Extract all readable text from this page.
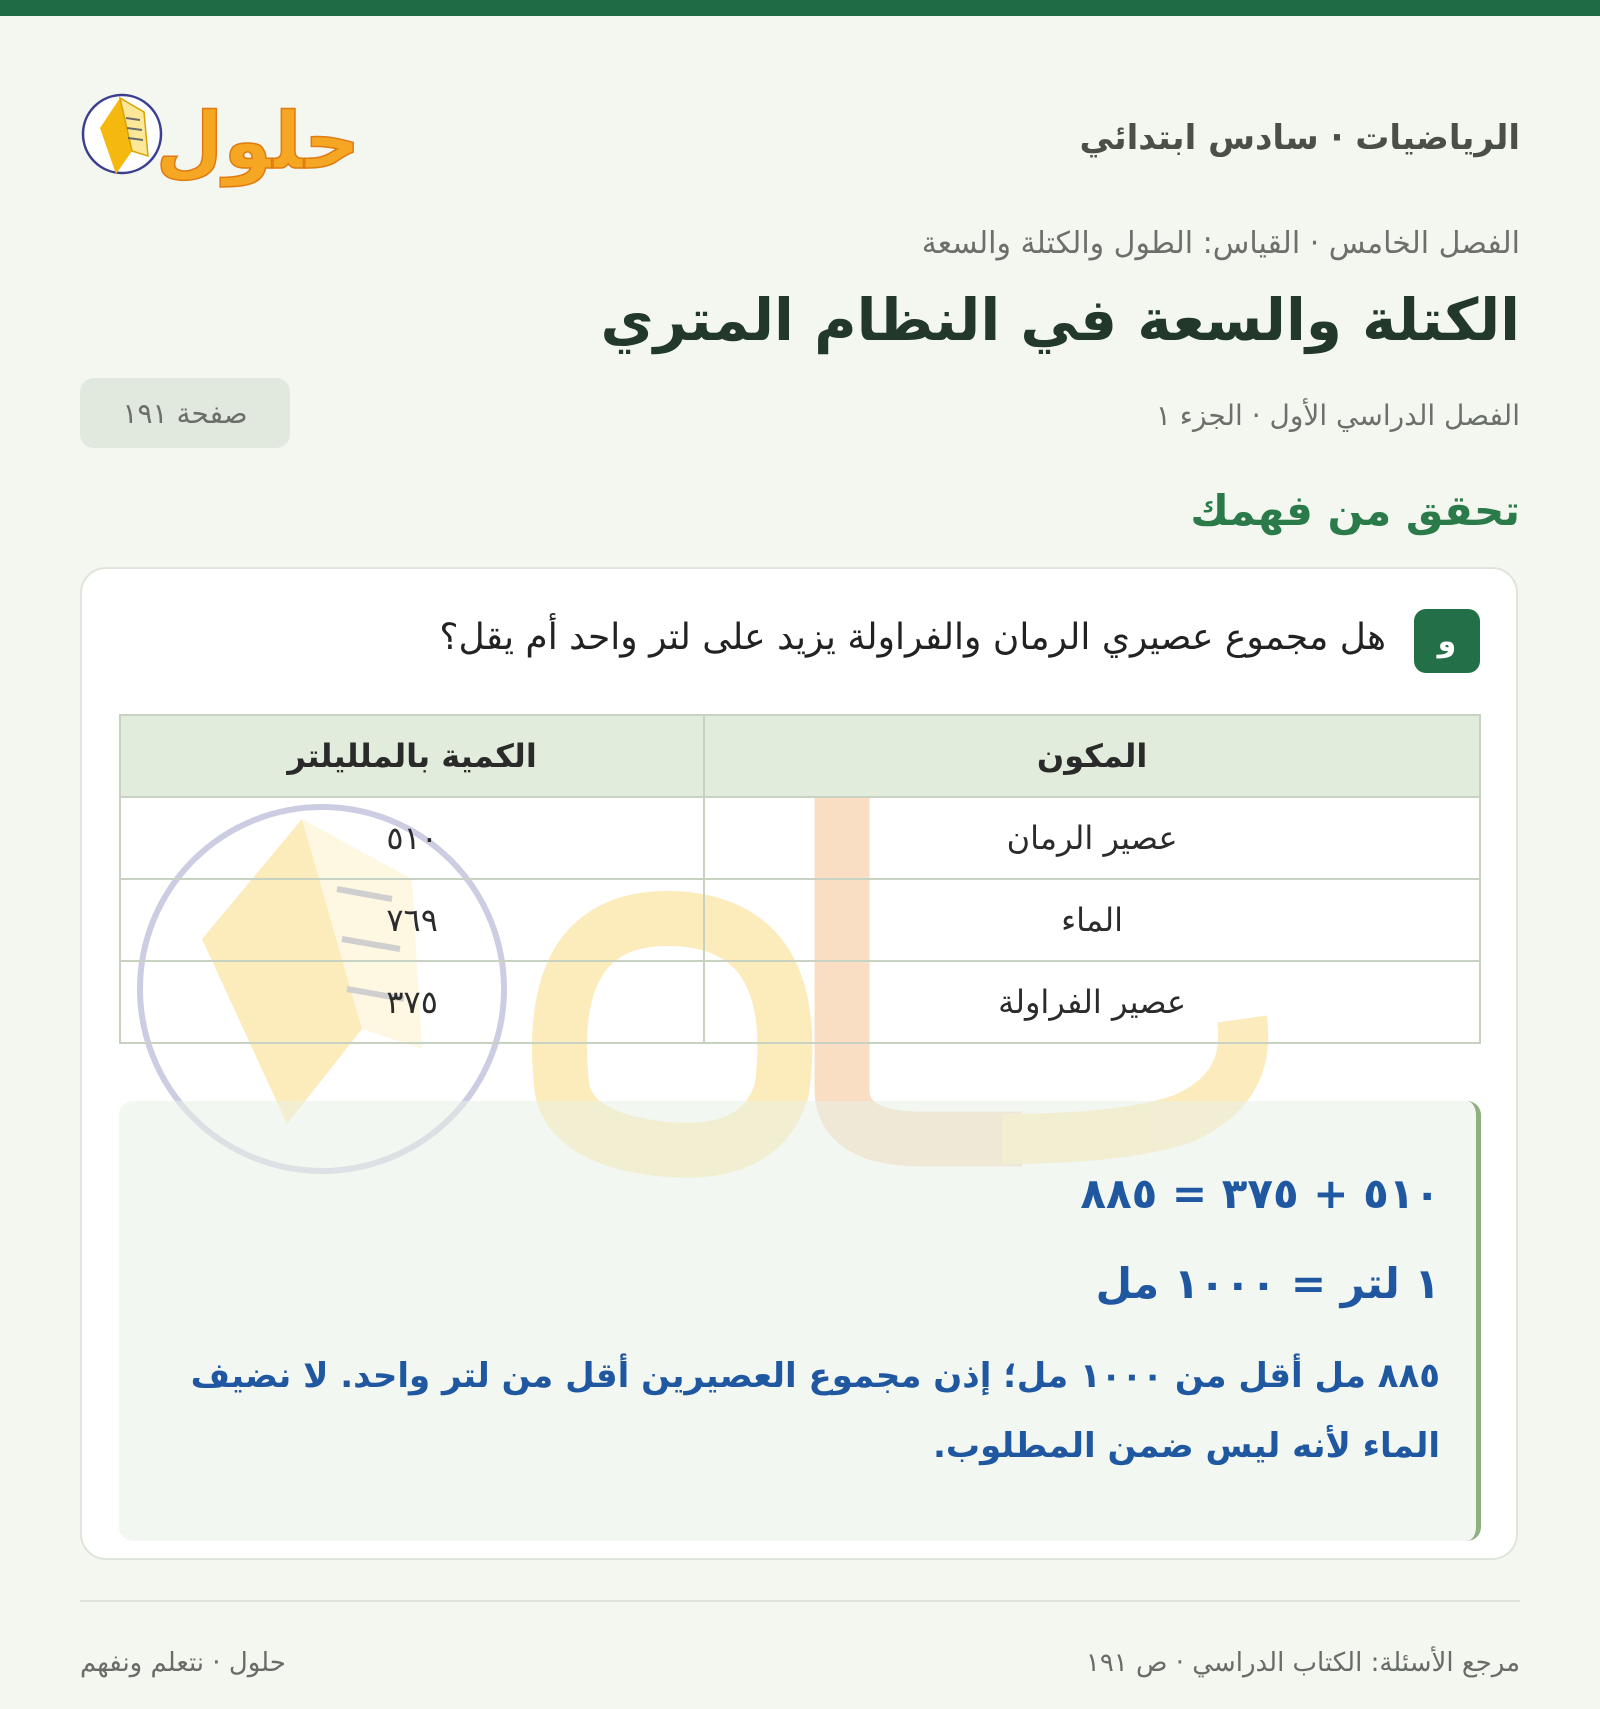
الرياضيات · سادس ابتدائي
حلول
الفصل الخامس · القياس: الطول والكتلة والسعة
الكتلة والسعة في النظام المتري
الفصل الدراسي الأول · الجزء ١
صفحة ١٩١
تحقق من فهمك
و
هل مجموع عصيري الرمان والفراولة يزيد على لتر واحد أم يقل؟
المكون	الكمية بالملليلتر
عصير الرمان	٥١٠
الماء	٧٦٩
عصير الفراولة	٣٧٥
٥١٠ + ٣٧٥ = ٨٨٥
١ لتر = ١٠٠٠ مل
٨٨٥ مل أقل من ١٠٠٠ مل؛ إذن مجموع العصيرين أقل من لتر واحد. لا نضيف الماء لأنه ليس ضمن المطلوب.
مرجع الأسئلة: الكتاب الدراسي · ص ١٩١
حلول · نتعلم ونفهم
